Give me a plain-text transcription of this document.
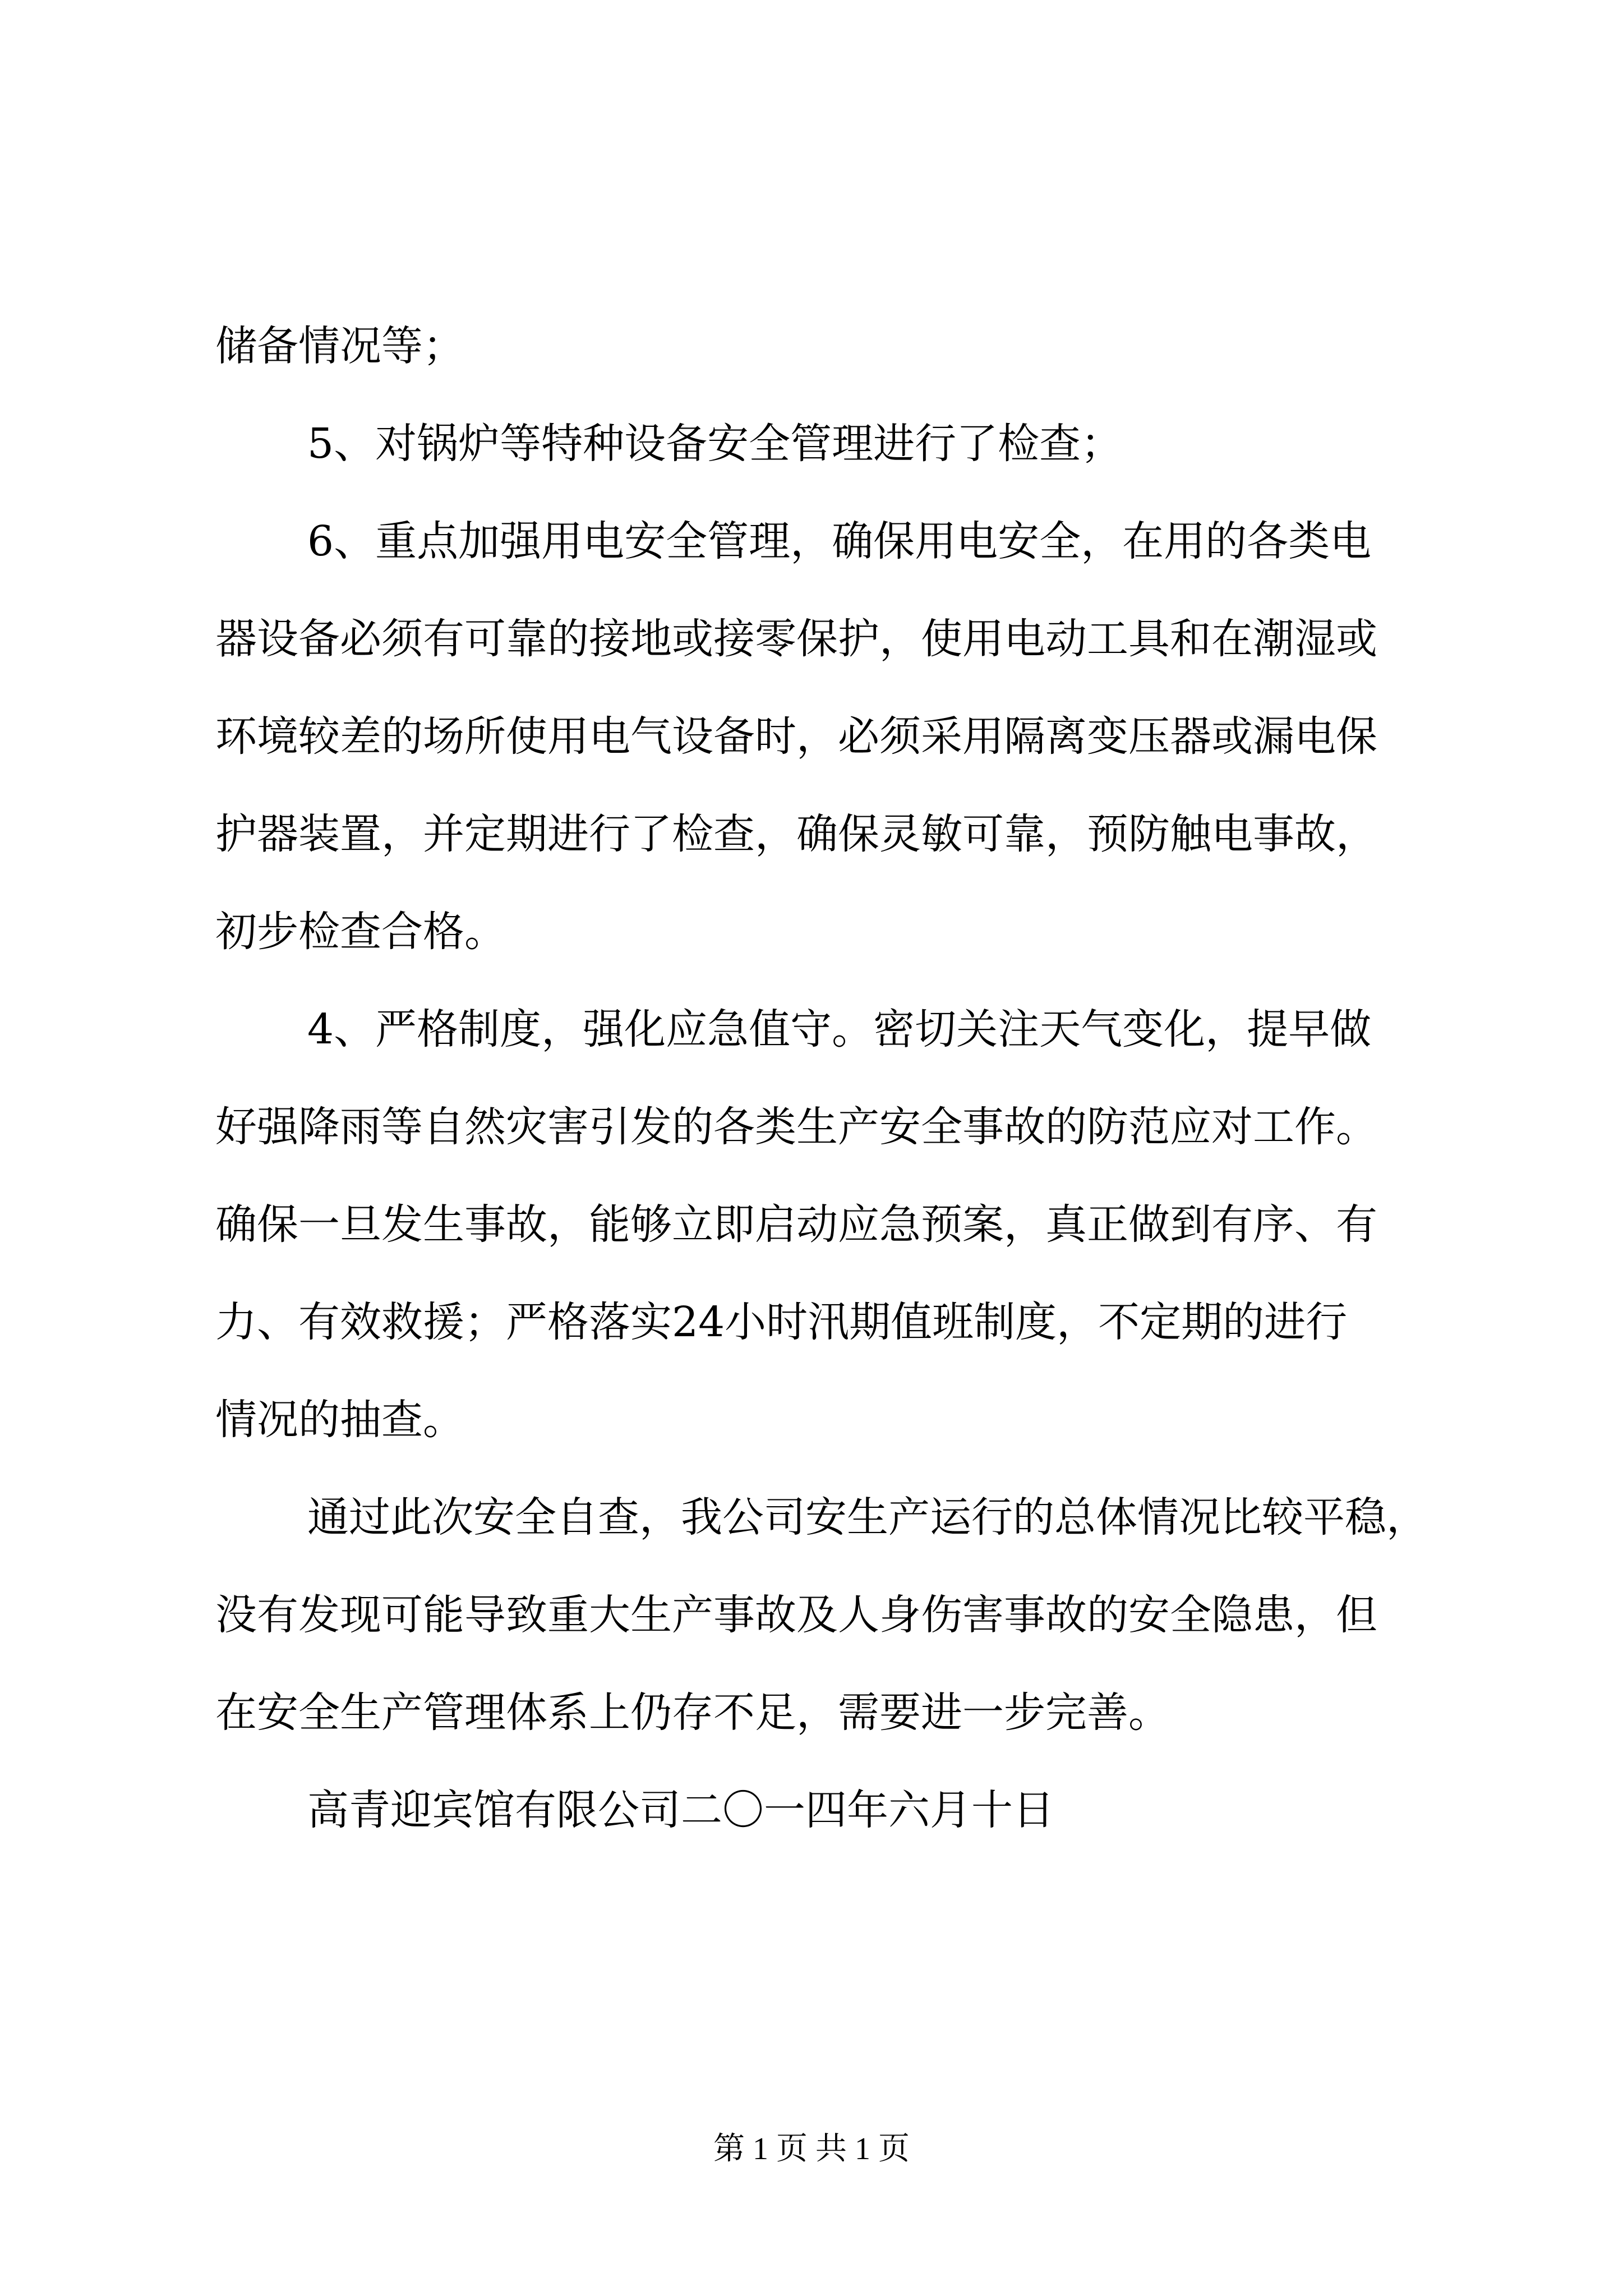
储备情况等；
5、对锅炉等特种设备安全管理进行了检查；
6、重点加强用电安全管理，确保用电安全，在用的各类电
器设备必须有可靠的接地或接零保护，使用电动工具和在潮湿或
环境较差的场所使用电气设备时，必须采用隔离变压器或漏电保
护器装置，并定期进行了检查，确保灵敏可靠，预防触电事故，
初步检查合格。
4、严格制度，强化应急值守。密切关注天气变化，提早做
好强降雨等自然灾害引发的各类生产安全事故的防范应对工作。
确保一旦发生事故，能够立即启动应急预案，真正做到有序、有
力、有效救援；严格落实24小时汛期值班制度，不定期的进行
情况的抽查。
通过此次安全自查，我公司安生产运行的总体情况比较平稳，
没有发现可能导致重大生产事故及人身伤害事故的安全隐患，但
在安全生产管理体系上仍存不足，需要进一步完善。
高青迎宾馆有限公司二〇一四年六月十日
第 1 页 共 1 页
